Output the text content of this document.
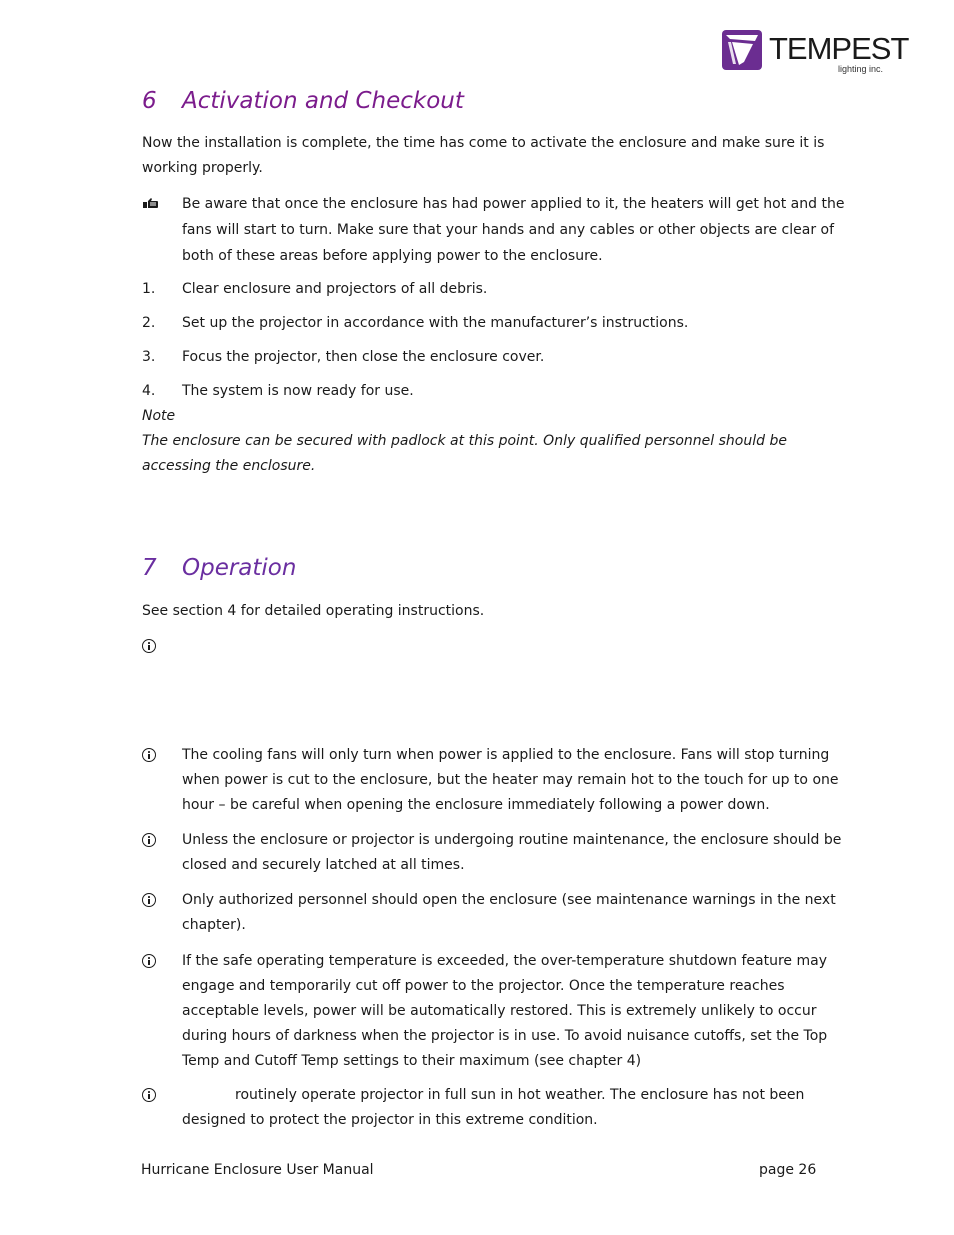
TEMPEST
lighting inc.
6 Activation and Checkout

Now the installation is complete, the time has come to activate the enclosure and make sure it is working properly.

Be aware that once the enclosure has had power applied to it, the heaters will get hot and the fans will start to turn. Make sure that your hands and any cables or other objects are clear of both of these areas before applying power to the enclosure.
1.	Clear enclosure and projectors of all debris.
2.	Set up the projector in accordance with the manufacturer’s instructions.
3.	Focus the projector, then close the enclosure cover.
4.	The system is now ready for use.

Note

The enclosure can be secured with padlock at this point. Only qualified personnel should be accessing the enclosure.

7 Operation

See section 4 for detailed operating instructions.

The cooling fans will only turn when power is applied to the enclosure. Fans will stop turning when power is cut to the enclosure, but the heater may remain hot to the touch for up to one hour – be careful when opening the enclosure immediately following a power down.
Unless the enclosure or projector is undergoing routine maintenance, the enclosure should be closed and securely latched at all times.
Only authorized personnel should open the enclosure (see maintenance warnings in the next chapter).
If the safe operating temperature is exceeded, the over-temperature shutdown feature may engage and temporarily cut off power to the projector. Once the temperature reaches acceptable levels, power will be automatically restored. This is extremely unlikely to occur during hours of darkness when the projector is in use. To avoid nuisance cutoffs, set the Top Temp and Cutoff Temp settings to their maximum (see chapter 4)
routinely operate projector in full sun in hot weather. The enclosure has not been designed to protect the projector in this extreme condition.
Hurricane Enclosure User Manual	page 26
